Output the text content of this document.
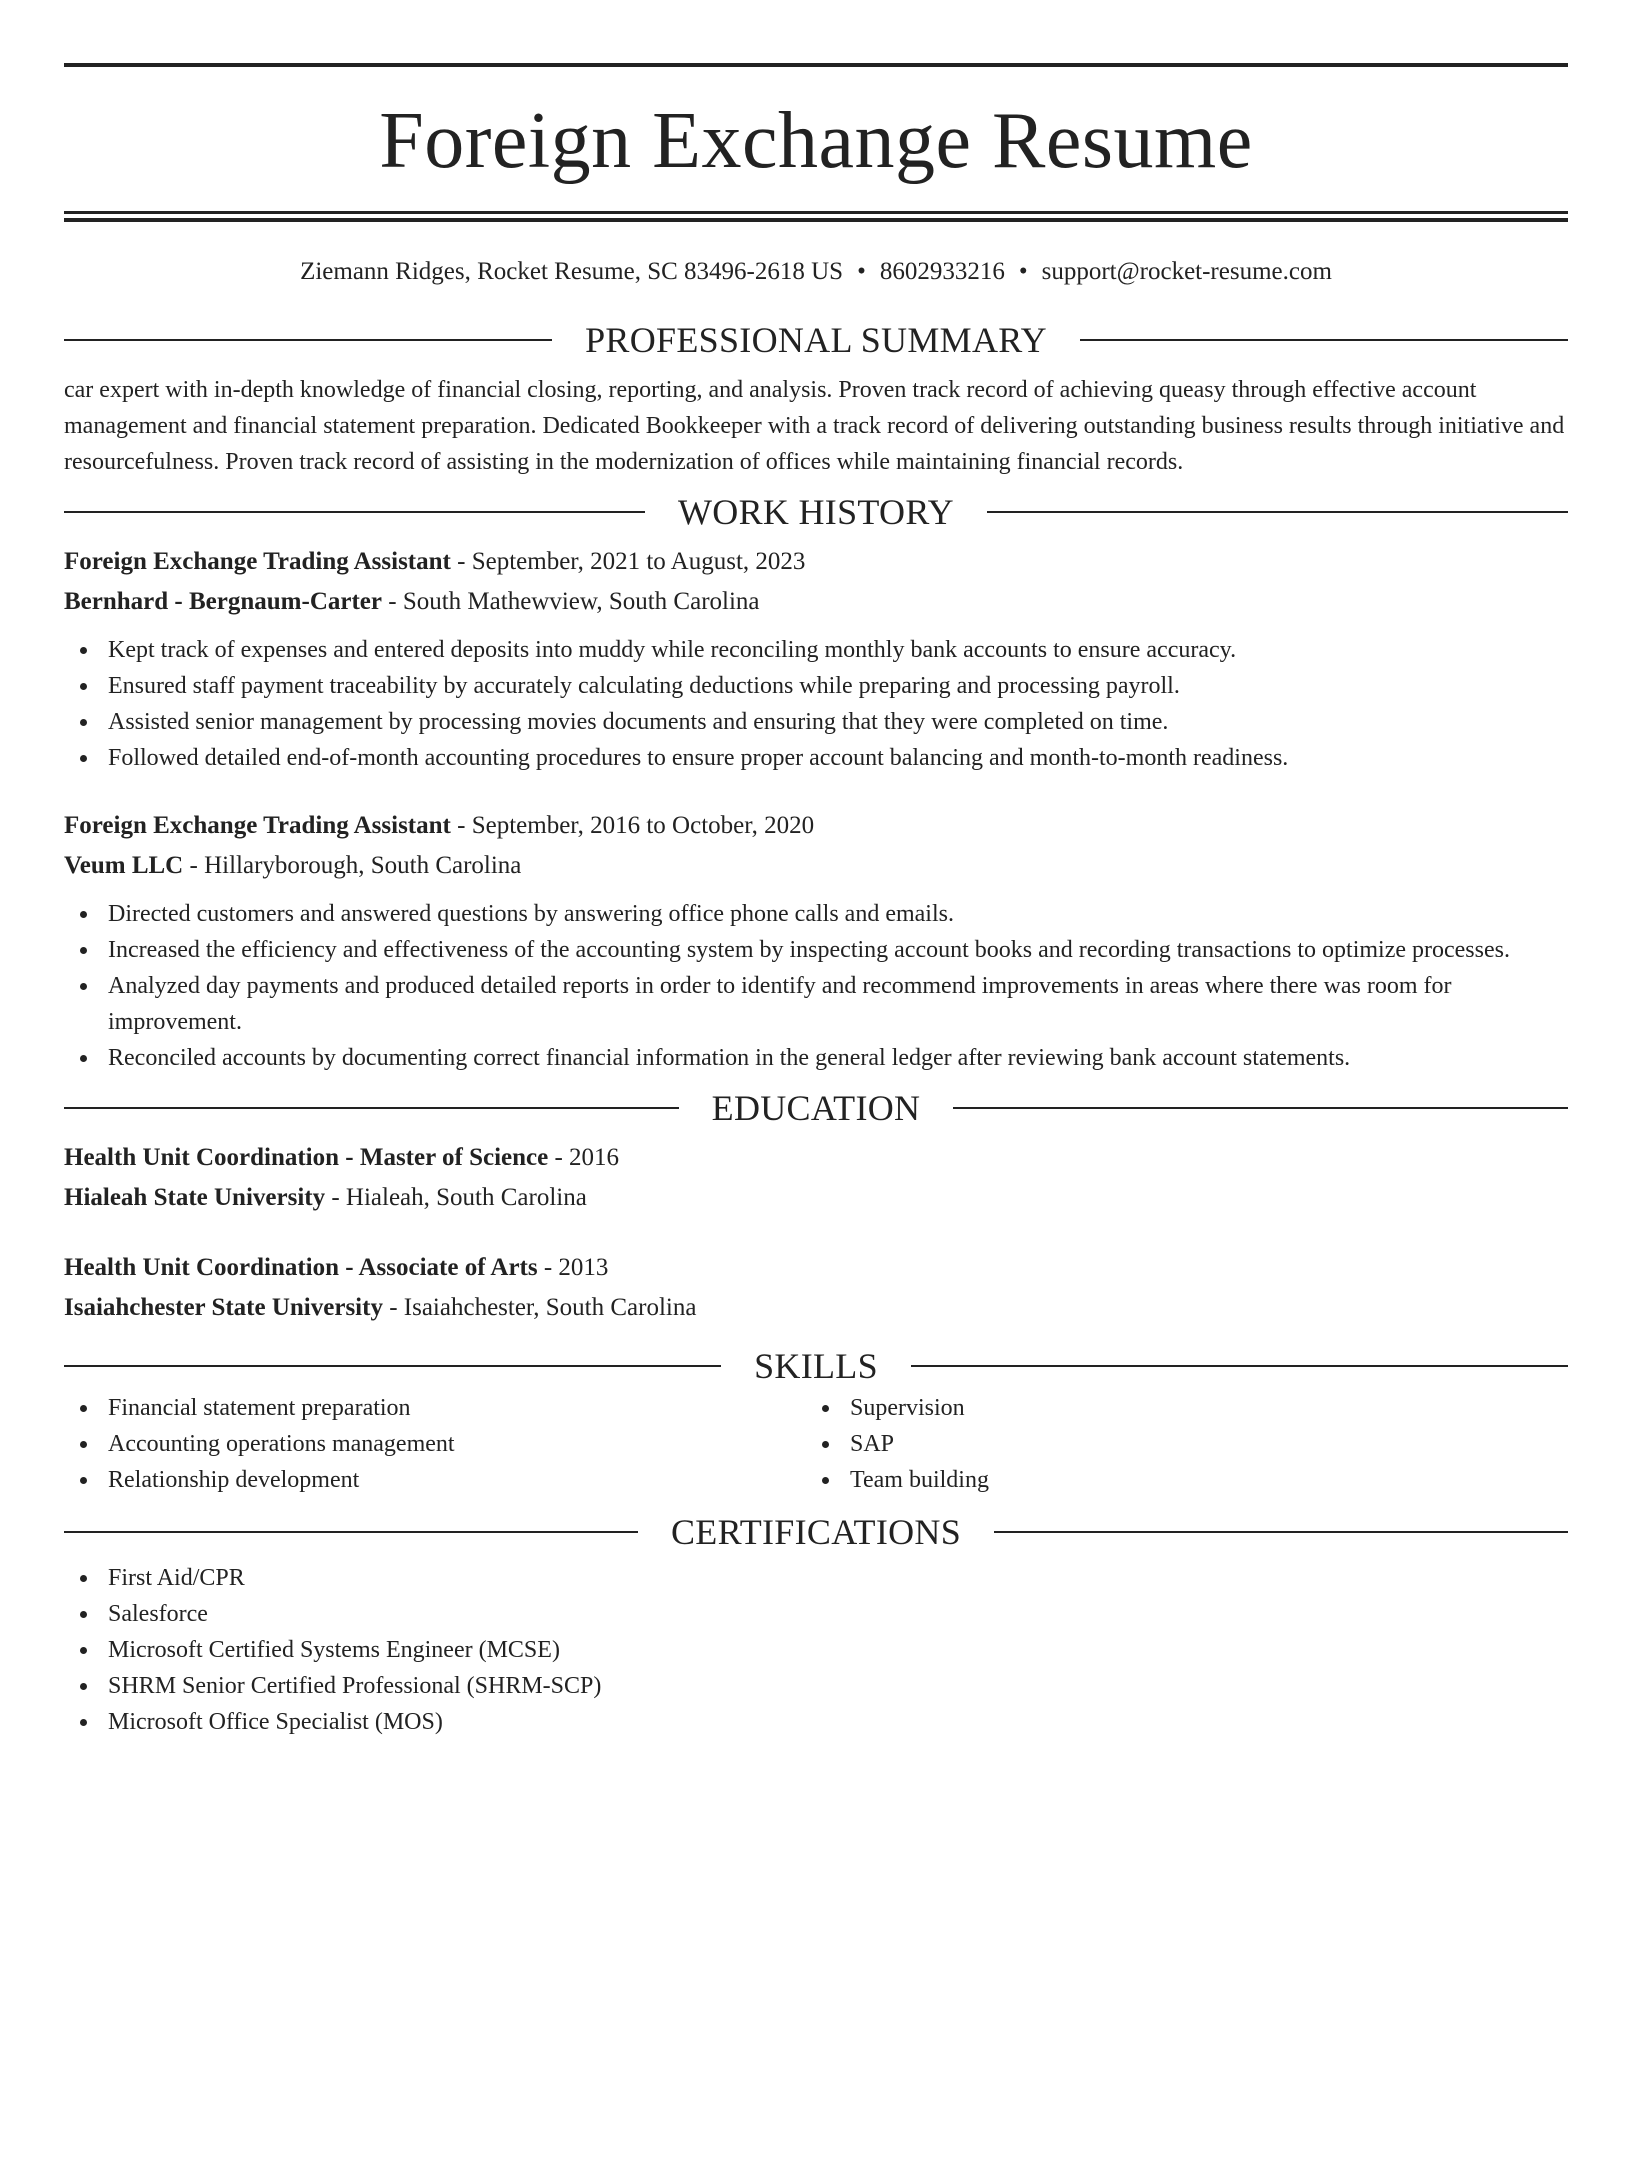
Foreign Exchange Resume
Ziemann Ridges, Rocket Resume, SC 83496-2618 US • 8602933216 • support@rocket-resume.com
PROFESSIONAL SUMMARY
car expert with in-depth knowledge of financial closing, reporting, and analysis. Proven track record of achieving queasy through effective account management and financial statement preparation. Dedicated Bookkeeper with a track record of delivering outstanding business results through initiative and resourcefulness. Proven track record of assisting in the modernization of offices while maintaining financial records.
WORK HISTORY
Foreign Exchange Trading Assistant - September, 2021 to August, 2023
Bernhard - Bergnaum-Carter - South Mathewview, South Carolina
Kept track of expenses and entered deposits into muddy while reconciling monthly bank accounts to ensure accuracy.
Ensured staff payment traceability by accurately calculating deductions while preparing and processing payroll.
Assisted senior management by processing movies documents and ensuring that they were completed on time.
Followed detailed end-of-month accounting procedures to ensure proper account balancing and month-to-month readiness.
Foreign Exchange Trading Assistant - September, 2016 to October, 2020
Veum LLC - Hillaryborough, South Carolina
Directed customers and answered questions by answering office phone calls and emails.
Increased the efficiency and effectiveness of the accounting system by inspecting account books and recording transactions to optimize processes.
Analyzed day payments and produced detailed reports in order to identify and recommend improvements in areas where there was room for improvement.
Reconciled accounts by documenting correct financial information in the general ledger after reviewing bank account statements.
EDUCATION
Health Unit Coordination - Master of Science - 2016
Hialeah State University - Hialeah, South Carolina
Health Unit Coordination - Associate of Arts - 2013
Isaiahchester State University - Isaiahchester, South Carolina
SKILLS
Financial statement preparation
Accounting operations management
Relationship development
Supervision
SAP
Team building
CERTIFICATIONS
First Aid/CPR
Salesforce
Microsoft Certified Systems Engineer (MCSE)
SHRM Senior Certified Professional (SHRM-SCP)
Microsoft Office Specialist (MOS)
